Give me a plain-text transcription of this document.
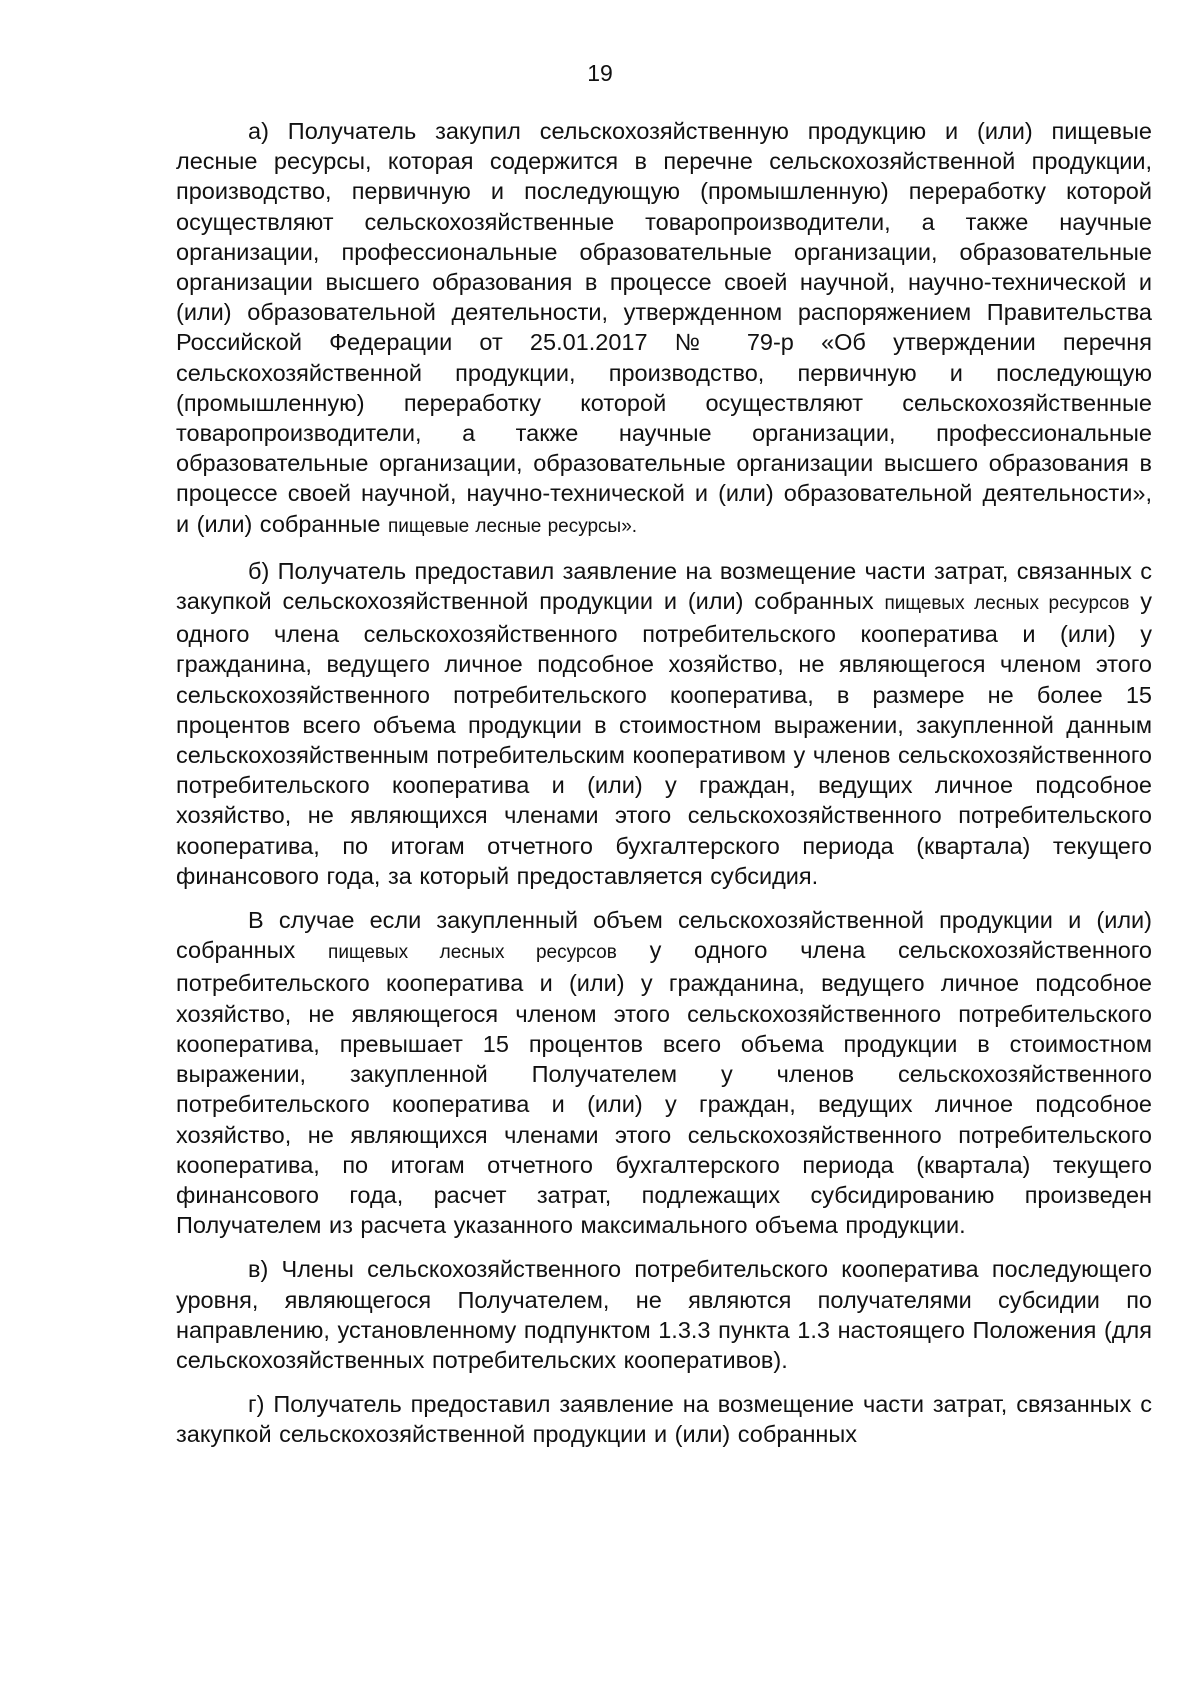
19

а) Получатель закупил сельскохозяйственную продукцию и (или) пищевые лесные ресурсы, которая содержится в перечне сельскохозяйственной продукции, производство, первичную и последующую (промышленную) переработку которой осуществляют сельскохозяйственные товаропроизводители, а также научные организации, профессиональные образовательные организации, образовательные организации высшего образования в процессе своей научной, научно-технической и (или) образовательной деятельности, утвержденном распоряжением Правительства Российской Федерации от 25.01.2017 № 79-р «Об утверждении перечня сельскохозяйственной продукции, производство, первичную и последующую (промышленную) переработку которой осуществляют сельскохозяйственные товаропроизводители, а также научные организации, профессиональные образовательные организации, образовательные организации высшего образования в процессе своей научной, научно-технической и (или) образовательной деятельности», и (или) собранные пищевые лесные ресурсы».

б) Получатель предоставил заявление на возмещение части затрат, связанных с закупкой сельскохозяйственной продукции и (или) собранных пищевых лесных ресурсов у одного члена сельскохозяйственного потребительского кооператива и (или) у гражданина, ведущего личное подсобное хозяйство, не являющегося членом этого сельскохозяйственного потребительского кооператива, в размере не более 15 процентов всего объема продукции в стоимостном выражении, закупленной данным сельскохозяйственным потребительским кооперативом у членов сельскохозяйственного потребительского кооператива и (или) у граждан, ведущих личное подсобное хозяйство, не являющихся членами этого сельскохозяйственного потребительского кооператива, по итогам отчетного бухгалтерского периода (квартала) текущего финансового года, за который предоставляется субсидия.

В случае если закупленный объем сельскохозяйственной продукции и (или) собранных пищевых лесных ресурсов у одного члена сельскохозяйственного потребительского кооператива и (или) у гражданина, ведущего личное подсобное хозяйство, не являющегося членом этого сельскохозяйственного потребительского кооператива, превышает 15 процентов всего объема продукции в стоимостном выражении, закупленной Получателем у членов сельскохозяйственного потребительского кооператива и (или) у граждан, ведущих личное подсобное хозяйство, не являющихся членами этого сельскохозяйственного потребительского кооператива, по итогам отчетного бухгалтерского периода (квартала) текущего финансового года, расчет затрат, подлежащих субсидированию произведен Получателем из расчета указанного максимального объема продукции.

в) Члены сельскохозяйственного потребительского кооператива последующего уровня, являющегося Получателем, не являются получателями субсидии по направлению, установленному подпунктом 1.3.3 пункта 1.3 настоящего Положения (для сельскохозяйственных потребительских кооперативов).

г) Получатель предоставил заявление на возмещение части затрат, связанных с закупкой сельскохозяйственной продукции и (или) собранных
